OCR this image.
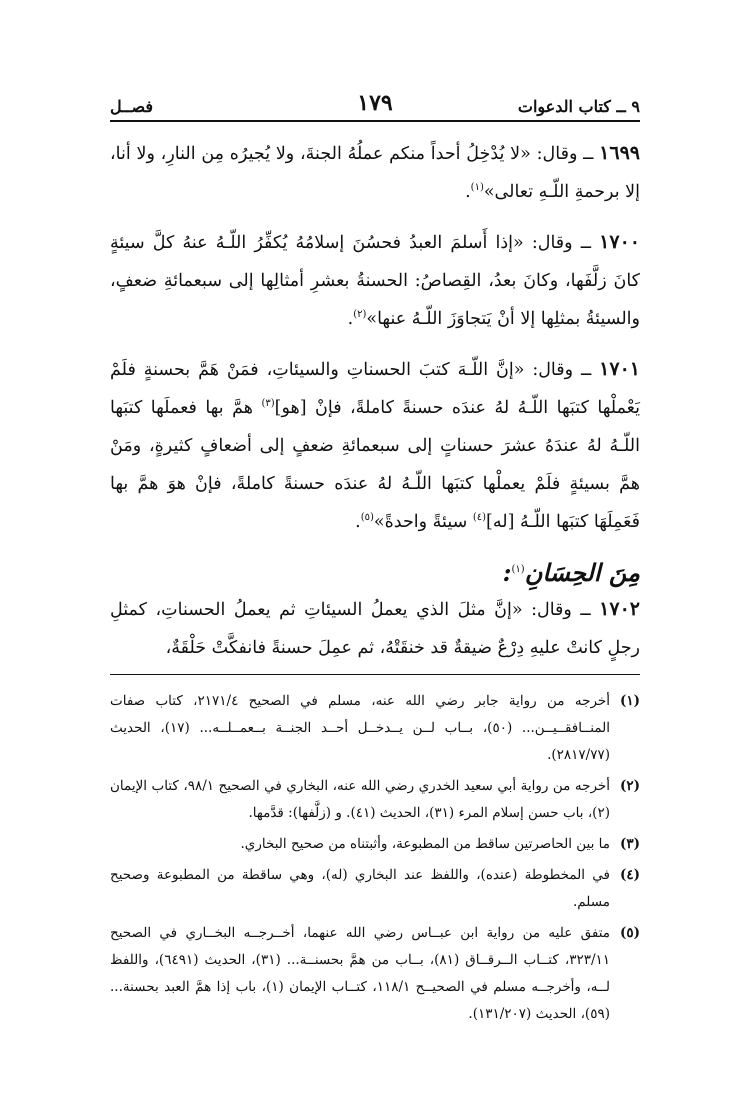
٩ ــ كتاب الدعوات
١٧٩
فصــل

١٦٩٩ ــ وقال: «لا يُدْخِلُ أحداً منكم عملُهُ الجنةَ، ولا يُجيرُه مِن النارِ، ولا أنا، إلا برحمةِ اللّـهِ تعالى»$^{(١)}$.

١٧٠٠ ــ وقال: «إذا أَسلمَ العبدُ فحسُنَ إسلامُهُ يُكفِّرُ اللّـهُ عنهُ كلَّ سيئةٍ كانَ زلَّفَها، وكانَ بعدُ، القِصاصُ: الحسنةُ بعشرِ أمثالِها إلى سبعمائةِ ضعفٍ، والسيئةُ بمثلِها إلا أنْ يَتجاوَزَ اللّـهُ عنها»$^{(٢)}$.

١٧٠١ ــ وقال: «إنَّ اللّـهَ كتبَ الحسناتِ والسيئاتِ، فمَنْ هَمَّ بحسنةٍ فلَمْ يَعْملْها كتبَها اللّـهُ لهُ عندَه حسنةً كاملةً، فإنْ [هو]$^{(٣)}$ همَّ بها فعملَها كتبَها اللّـهُ لهُ عندَهُ عشرَ حسناتٍ إلى سبعمائةِ ضعفٍ إلى أضعافٍ كثيرةٍ، ومَنْ همَّ بسيئةٍ فلَمْ يعملْها كتبَها اللّـهُ لهُ عندَه حسنةً كاملةً، فإنْ هوَ همَّ بها فَعَمِلَهَا كتبَها اللّـهُ [له]$^{(٤)}$ سيئةً واحدةً»$^{(٥)}$.

مِنَ الحِسَانِ$^{(١)}$:

١٧٠٢ ــ وقال: «إنَّ مثلَ الذي يعملُ السيئاتِ ثم يعملُ الحسناتِ، كمثلِ رجلٍ كانتْ عليهِ دِرْعٌ ضيقةٌ قد خنقَتْهُ، ثم عمِلَ حسنةً فانفكَّتْ حَلْقَةٌ،

(١)
أخرجه من رواية جابر رضي الله عنه، مسلم في الصحيح ٢١٧١/٤، كتاب صفات المنــافقــيــن... (٥٠)، بــاب لــن يــدخــل أحــد الجنــة بــعمــلــه... (١٧)، الحديث (٢٨١٧/٧٧).
(٢)
أخرجه من رواية أبي سعيد الخدري رضي الله عنه، البخاري في الصحيح ٩٨/١، كتاب الإيمان (٢)، باب حسن إسلام المرء (٣١)، الحديث (٤١). و (زلَّفها): قدَّمها.
(٣)
ما بين الحاصرتين ساقط من المطبوعة، وأثبتناه من صحيح البخاري.
(٤)
في المخطوطة (عنده)، واللفظ عند البخاري (له)، وهي ساقطة من المطبوعة وصحيح مسلم.
(٥)
متفق عليه من رواية ابن عبــاس رضي الله عنهما، أخــرجــه البخــاري في الصحيح ٣٢٣/١١، كتــاب الــرقــاق (٨١)، بــاب من همَّ بحسنــة... (٣١)، الحديث (٦٤٩١)، واللفظ لــه، وأخرجــه مسلم في الصحيــح ١١٨/١، كتــاب الإيمان (١)، باب إذا همَّ العبد بحسنة... (٥٩)، الحديث (١٣١/٢٠٧).
